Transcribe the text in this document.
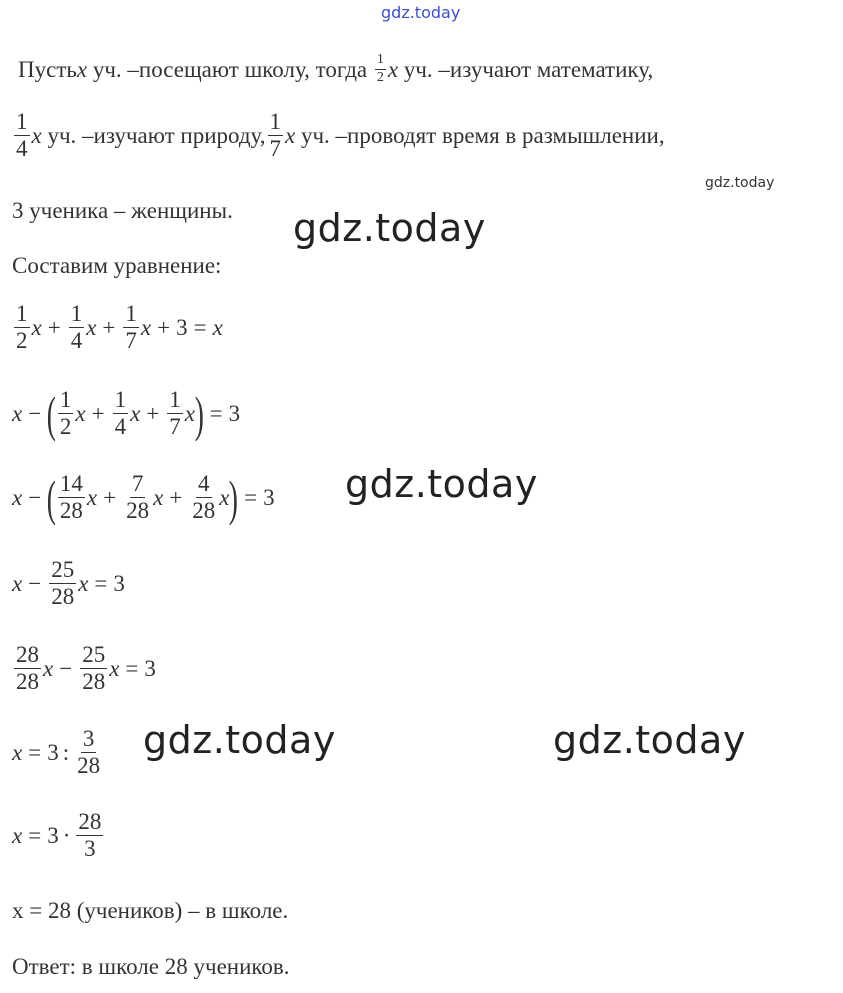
gdz.today
gdz.today
Пусть x уч. –посещают школу, тогда $\frac{1}{2}$ x уч. –изучают математику,
$\frac{1}{4}$ x уч. –изучают природу, $\frac{1}{7}$ x уч. –проводят время в размышлении,
3 ученика – женщины. gdz.today
Составим уравнение:
$\frac{1}{2}$ $x + \frac{1}{4}$ $x + \frac{1}{7}$ x + 3 = x
x − ( $\frac{1}{2}$ $x + \frac{1}{4}$ $x + \frac{1}{7}$ x ) = 3
x − ( $\frac{14}{28}$ $x + \frac{7}{28}$ $x + \frac{4}{28}$ x ) = 3 gdz.today
$x - \frac{25}{28}$ x = 3
$\frac{28}{28}$ $x - \frac{25}{28}$ x = 3
x = 3 : $\frac{3}{28}$ gdz.today	gdz.today
$x = 3 \cdot \frac{28}{3}$
x = 28 (учеников) – в школе.
Ответ: в школе 28 учеников.
